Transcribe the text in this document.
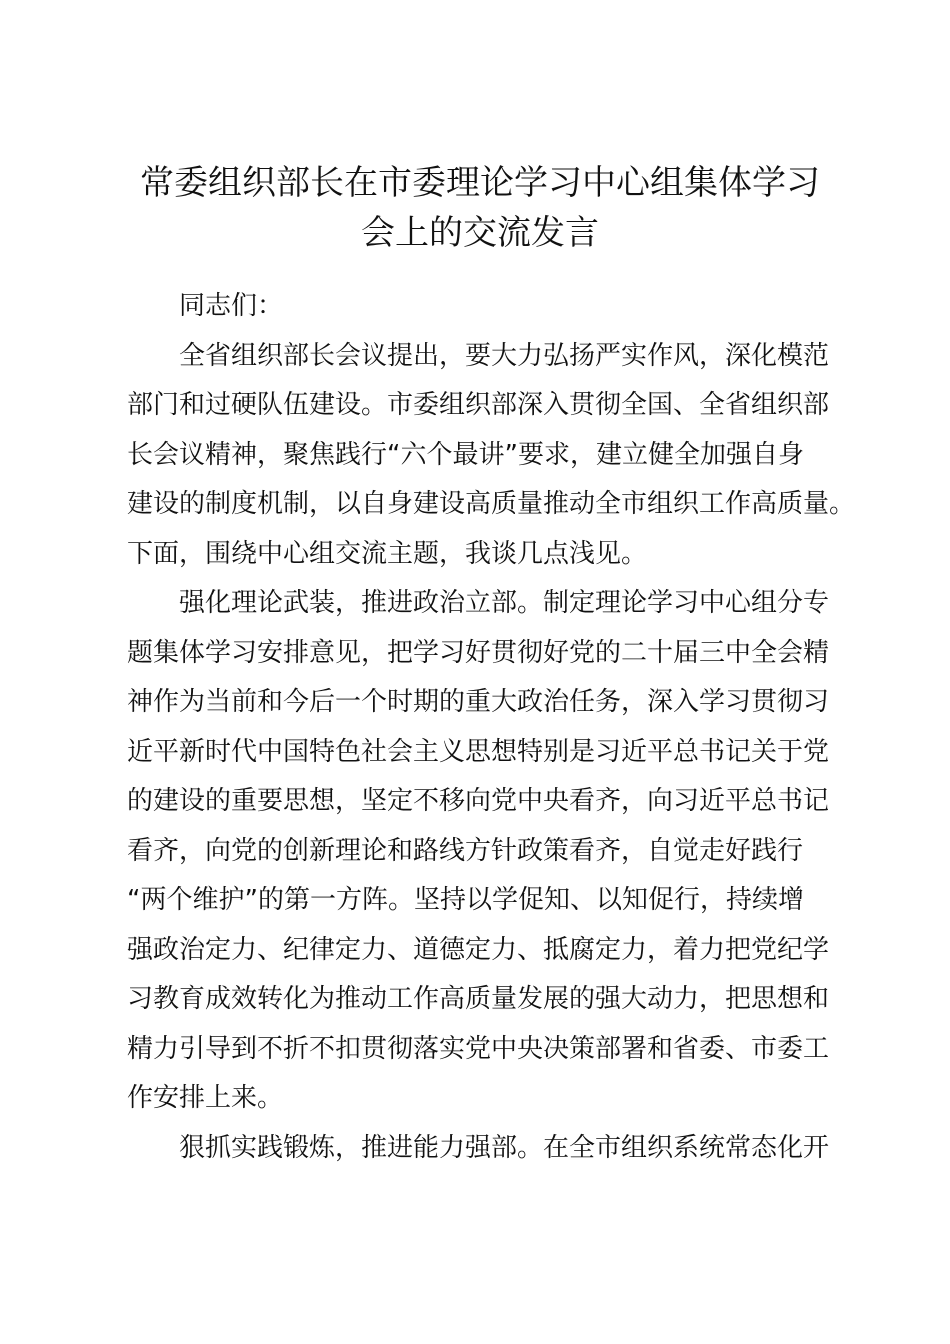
常委组织部长在市委理论学习中心组集体学习
会上的交流发言
同志们：
全省组织部长会议提出，要大力弘扬严实作风，深化模范
部门和过硬队伍建设。市委组织部深入贯彻全国、全省组织部
长会议精神，聚焦践行“六个最讲”要求，建立健全加强自身
建设的制度机制，以自身建设高质量推动全市组织工作高质量。
下面，围绕中心组交流主题，我谈几点浅见。
强化理论武装，推进政治立部。制定理论学习中心组分专
题集体学习安排意见，把学习好贯彻好党的二十届三中全会精
神作为当前和今后一个时期的重大政治任务，深入学习贯彻习
近平新时代中国特色社会主义思想特别是习近平总书记关于党
的建设的重要思想，坚定不移向党中央看齐，向习近平总书记
看齐，向党的创新理论和路线方针政策看齐，自觉走好践行
“两个维护”的第一方阵。坚持以学促知、以知促行，持续增
强政治定力、纪律定力、道德定力、抵腐定力，着力把党纪学
习教育成效转化为推动工作高质量发展的强大动力，把思想和
精力引导到不折不扣贯彻落实党中央决策部署和省委、市委工
作安排上来。
狠抓实践锻炼，推进能力强部。在全市组织系统常态化开
